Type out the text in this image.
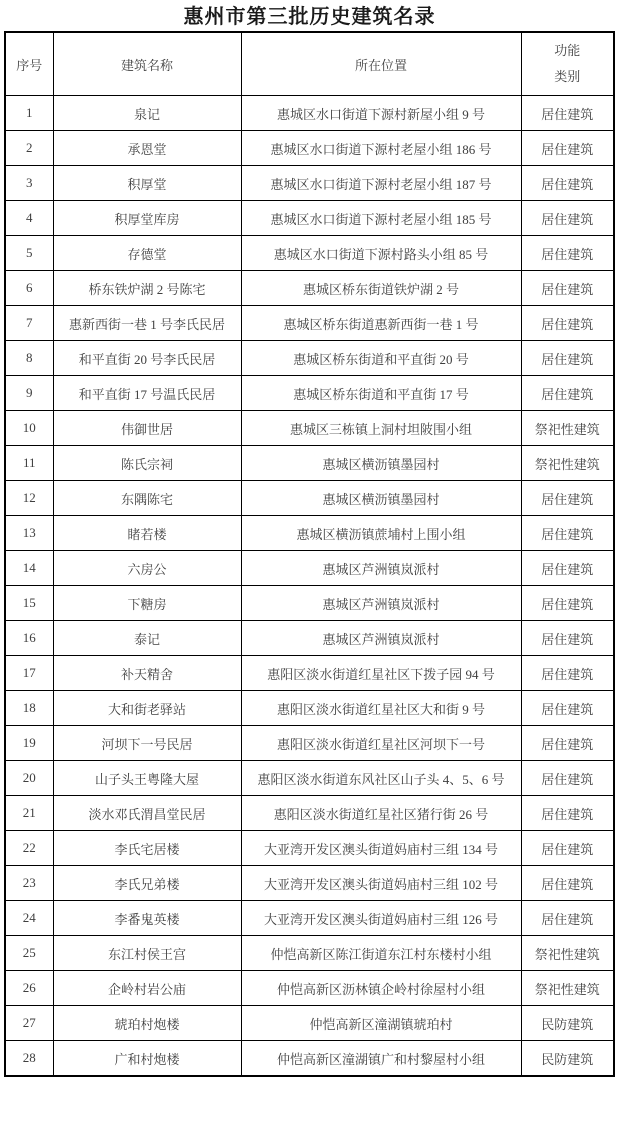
惠州市第三批历史建筑名录
序号	建筑名称	所在位置	功能
类别
1	泉记	惠城区水口街道下源村新屋小组 9 号	居住建筑
2	承恩堂	惠城区水口街道下源村老屋小组 186 号	居住建筑
3	积厚堂	惠城区水口街道下源村老屋小组 187 号	居住建筑
4	积厚堂库房	惠城区水口街道下源村老屋小组 185 号	居住建筑
5	存德堂	惠城区水口街道下源村路头小组 85 号	居住建筑
6	桥东铁炉湖 2 号陈宅	惠城区桥东街道铁炉湖 2 号	居住建筑
7	惠新西街一巷 1 号李氏民居	惠城区桥东街道惠新西街一巷 1 号	居住建筑
8	和平直街 20 号李氏民居	惠城区桥东街道和平直街 20 号	居住建筑
9	和平直街 17 号温氏民居	惠城区桥东街道和平直街 17 号	居住建筑
10	伟御世居	惠城区三栋镇上洞村坦陂围小组	祭祀性建筑
11	陈氏宗祠	惠城区横沥镇墨园村	祭祀性建筑
12	东隅陈宅	惠城区横沥镇墨园村	居住建筑
13	睹若楼	惠城区横沥镇蔗埔村上围小组	居住建筑
14	六房公	惠城区芦洲镇岚派村	居住建筑
15	下糖房	惠城区芦洲镇岚派村	居住建筑
16	泰记	惠城区芦洲镇岚派村	居住建筑
17	补天精舍	惠阳区淡水街道红星社区下拨子园 94 号	居住建筑
18	大和街老驿站	惠阳区淡水街道红星社区大和街 9 号	居住建筑
19	河坝下一号民居	惠阳区淡水街道红星社区河坝下一号	居住建筑
20	山子头王粤隆大屋	惠阳区淡水街道东风社区山子头 4、5、6 号	居住建筑
21	淡水邓氏渭昌堂民居	惠阳区淡水街道红星社区猪行街 26 号	居住建筑
22	李氏宅居楼	大亚湾开发区澳头街道妈庙村三组 134 号	居住建筑
23	李氏兄弟楼	大亚湾开发区澳头街道妈庙村三组 102 号	居住建筑
24	李番鬼英楼	大亚湾开发区澳头街道妈庙村三组 126 号	居住建筑
25	东江村侯王宫	仲恺高新区陈江街道东江村东楼村小组	祭祀性建筑
26	企岭村岩公庙	仲恺高新区沥林镇企岭村徐屋村小组	祭祀性建筑
27	琥珀村炮楼	仲恺高新区潼湖镇琥珀村	民防建筑
28	广和村炮楼	仲恺高新区潼湖镇广和村黎屋村小组	民防建筑
